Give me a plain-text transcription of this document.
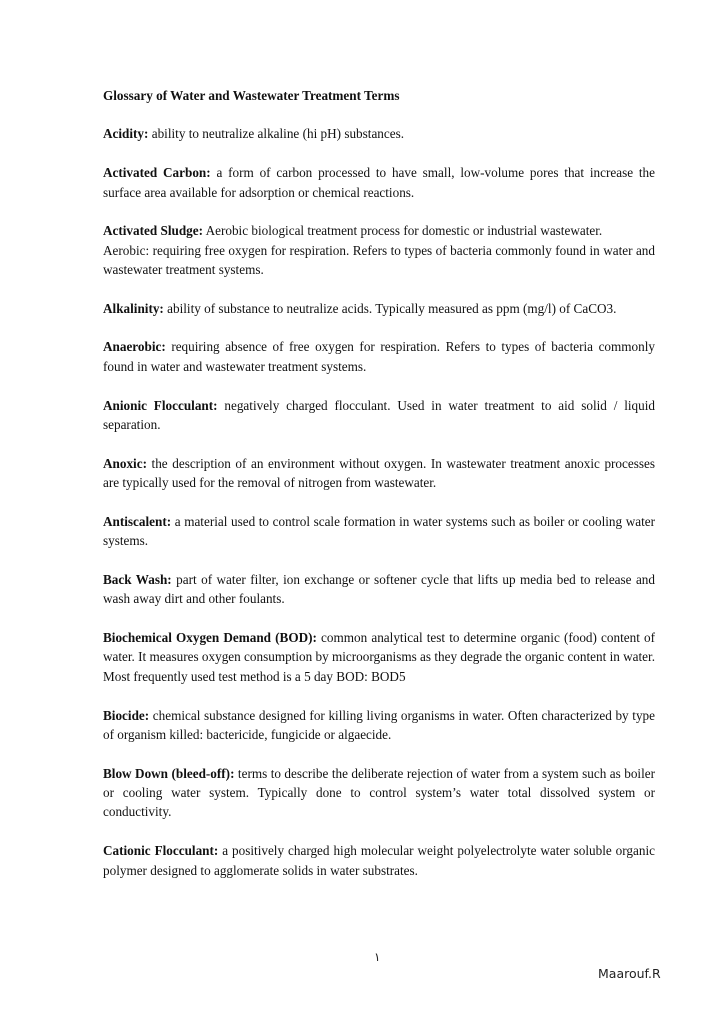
Glossary of Water and Wastewater Treatment Terms
Acidity: ability to neutralize alkaline (hi pH) substances.
Activated Carbon: a form of carbon processed to have small, low-volume pores that increase the surface area available for adsorption or chemical reactions.

Activated Sludge: Aerobic biological treatment process for domestic or industrial wastewater.

Aerobic: requiring free oxygen for respiration. Refers to types of bacteria commonly found in water and wastewater treatment systems.

Alkalinity: ability of substance to neutralize acids. Typically measured as ppm (mg/l) of CaCO3.
Anaerobic: requiring absence of free oxygen for respiration. Refers to types of bacteria commonly found in water and wastewater treatment systems.
Anionic Flocculant: negatively charged flocculant. Used in water treatment to aid solid / liquid separation.
Anoxic: the description of an environment without oxygen. In wastewater treatment anoxic processes are typically used for the removal of nitrogen from wastewater.
Antiscalent: a material used to control scale formation in water systems such as boiler or cooling water systems.
Back Wash: part of water filter, ion exchange or softener cycle that lifts up media bed to release and wash away dirt and other foulants.
Biochemical Oxygen Demand (BOD): common analytical test to determine organic (food) content of water. It measures oxygen consumption by microorganisms as they degrade the organic content in water. Most frequently used test method is a 5 day BOD: BOD5
Biocide: chemical substance designed for killing living organisms in water. Often characterized by type of organism killed: bactericide, fungicide or algaecide.
Blow Down (bleed-off): terms to describe the deliberate rejection of water from a system such as boiler or cooling water system. Typically done to control system’s water total dissolved system or conductivity.
Cationic Flocculant: a positively charged high molecular weight polyelectrolyte water soluble organic polymer designed to agglomerate solids in water substrates.
١
Maarouf.R
